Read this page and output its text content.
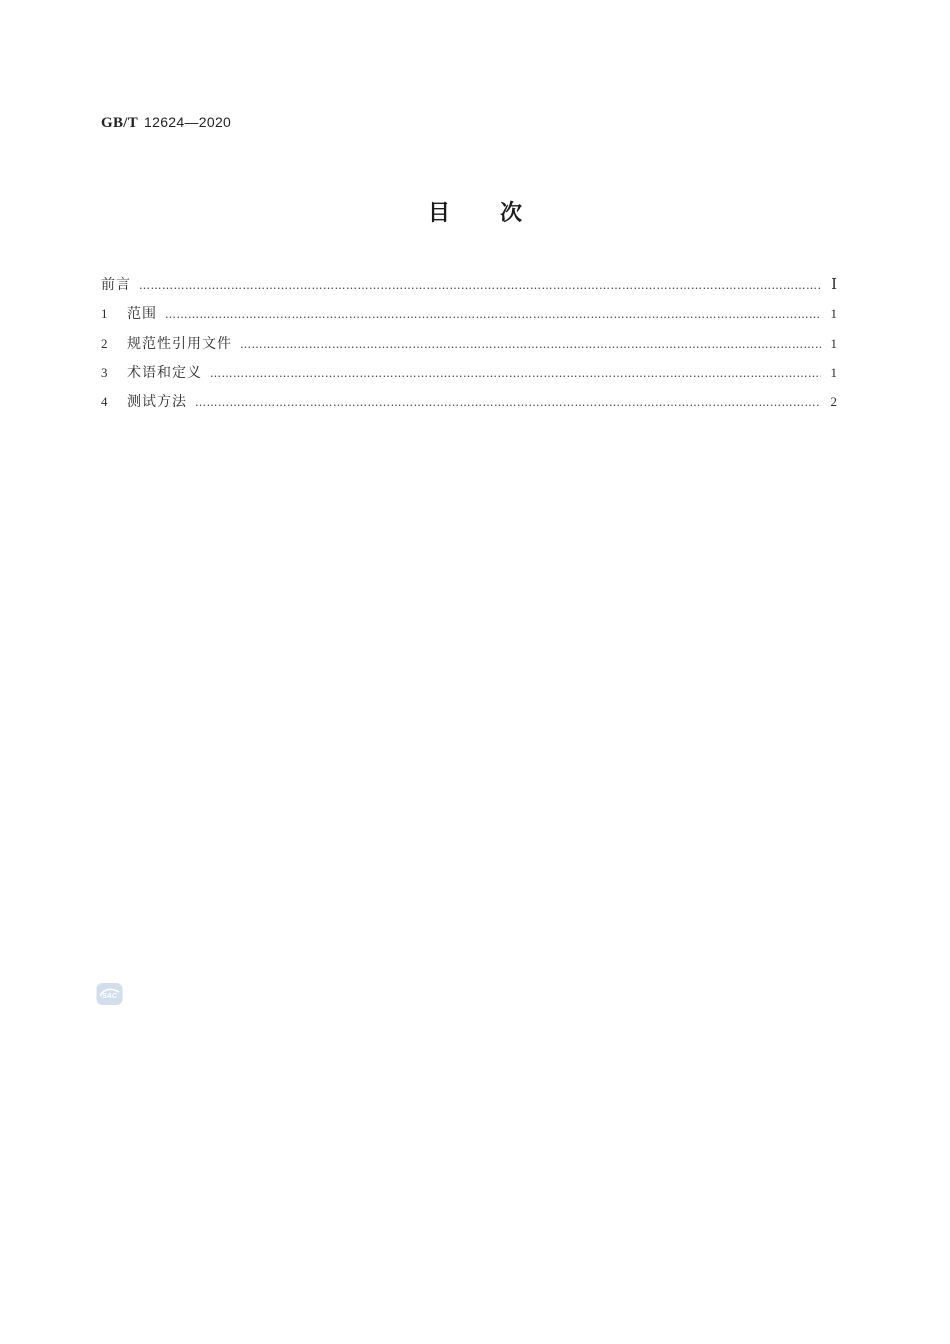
GB/T 12624—2020
目次
前言 …………………………………………………………………………………………………………………………………………………………………………………………………………………………	Ⅰ
1	范围 …………………………………………………………………………………………………………………………………………………………………………………………………………………………	1
2	规范性引用文件 …………………………………………………………………………………………………………………………………………………………………………………………………………………………	1
3	术语和定义 …………………………………………………………………………………………………………………………………………………………………………………………………………………………	1
4	测试方法 …………………………………………………………………………………………………………………………………………………………………………………………………………………………	2
SAC
